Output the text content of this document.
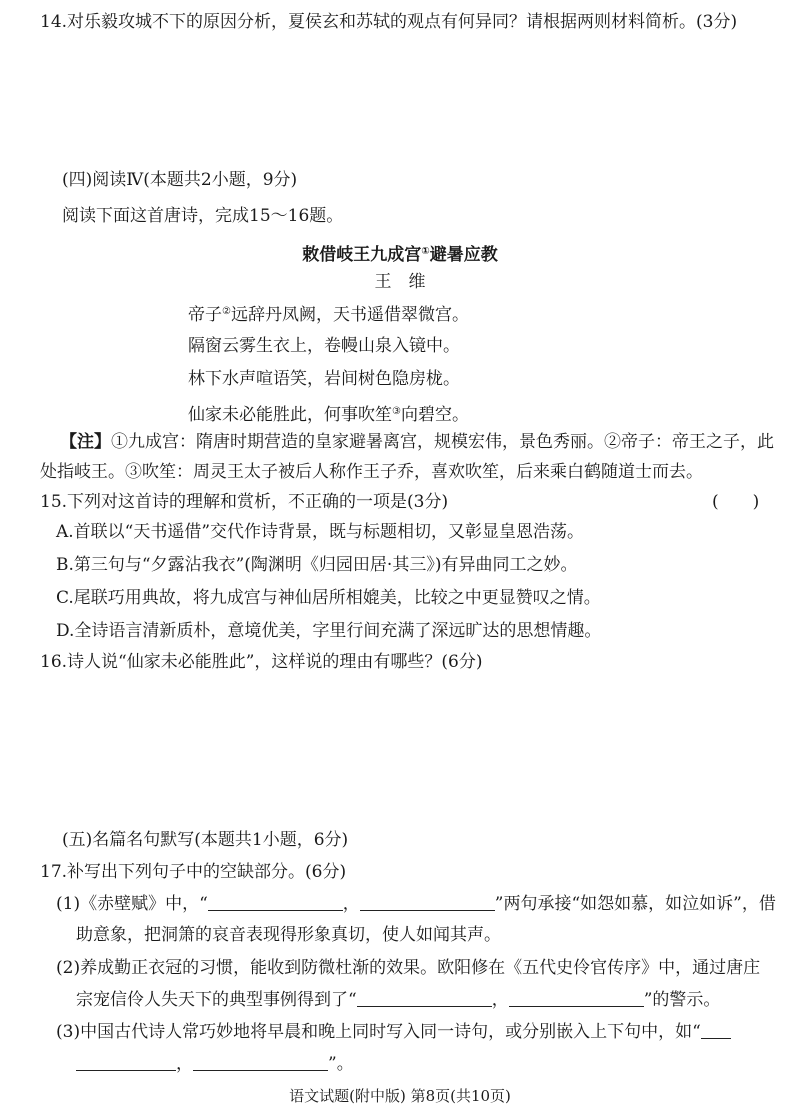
14.对乐毅攻城不下的原因分析，夏侯玄和苏轼的观点有何异同？请根据两则材料简析。(3分)
(四)阅读Ⅳ(本题共2小题，9分)
阅读下面这首唐诗，完成15～16题。
敕借岐王九成宫①避暑应教
王　维
帝子②远辞丹凤阙，天书遥借翠微宫。
隔窗云雾生衣上，卷幔山泉入镜中。
林下水声喧语笑，岩间树色隐房栊。
仙家未必能胜此，何事吹笙③向碧空。
【注】①九成宫：隋唐时期营造的皇家避暑离宫，规模宏伟，景色秀丽。②帝子：帝王之子，此
处指岐王。③吹笙：周灵王太子被后人称作王子乔，喜欢吹笙，后来乘白鹤随道士而去。
15.下列对这首诗的理解和赏析，不正确的一项是(3分)	(　　)
A.首联以“天书遥借”交代作诗背景，既与标题相切，又彰显皇恩浩荡。
B.第三句与“夕露沾我衣”(陶渊明《归园田居·其三》)有异曲同工之妙。
C.尾联巧用典故，将九成宫与神仙居所相媲美，比较之中更显赞叹之情。
D.全诗语言清新质朴，意境优美，字里行间充满了深远旷达的思想情趣。
16.诗人说“仙家未必能胜此”，这样说的理由有哪些？(6分)
(五)名篇名句默写(本题共1小题，6分)
17.补写出下列句子中的空缺部分。(6分)
(1)《赤壁赋》中，“	，	”两句承接“如怨如慕，如泣如诉”，借
助意象，把洞箫的哀音表现得形象真切，使人如闻其声。
(2)养成勤正衣冠的习惯，能收到防微杜渐的效果。欧阳修在《五代史伶官传序》中，通过唐庄
宗宠信伶人失天下的典型事例得到了“	，	”的警示。
(3)中国古代诗人常巧妙地将早晨和晚上同时写入同一诗句，或分别嵌入上下句中，如“
，	”。
语文试题(附中版) 第8页(共10页)
